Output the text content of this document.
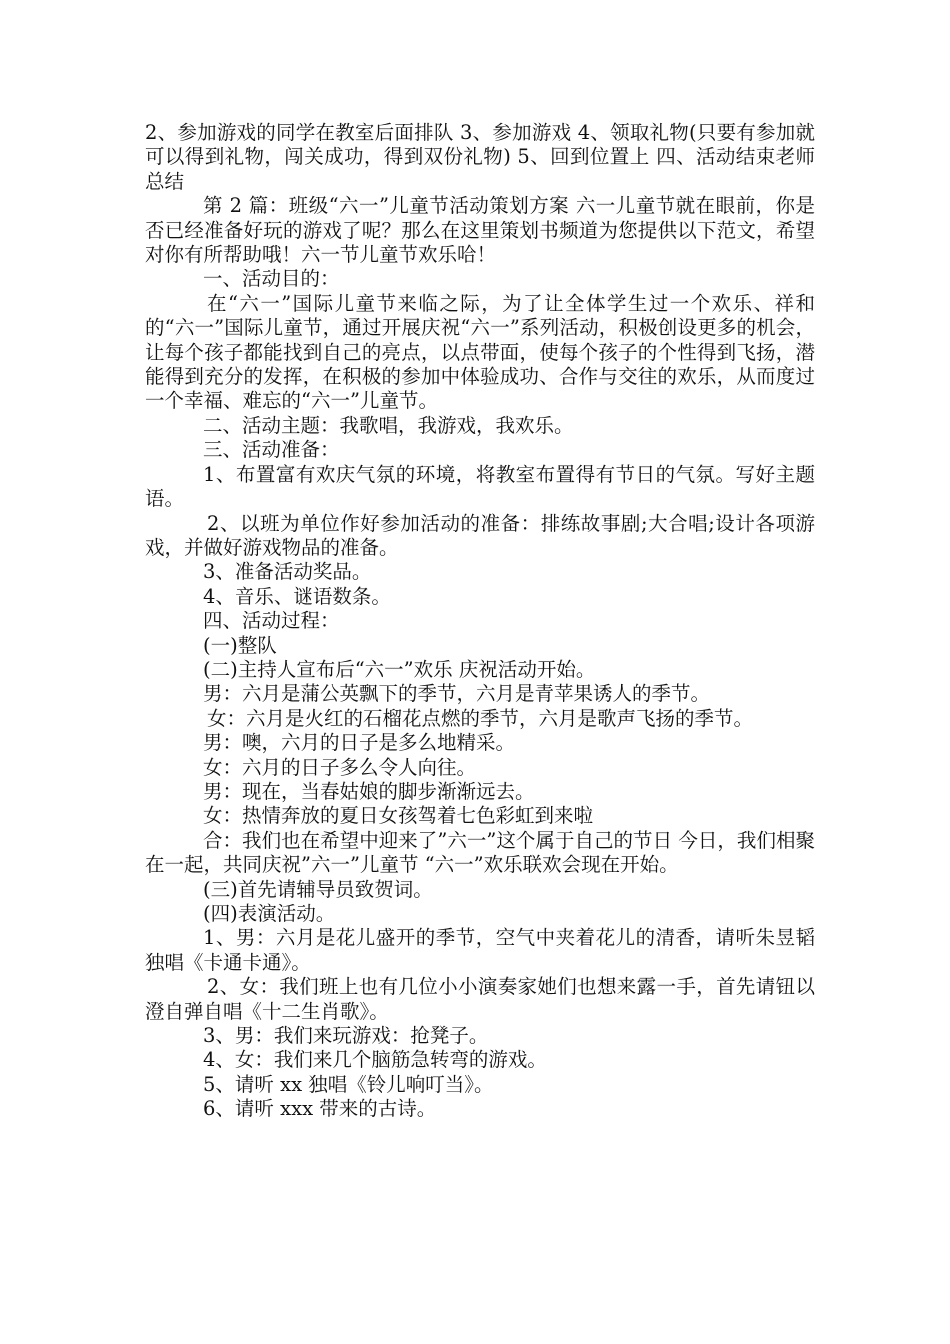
2、参加游戏的同学在教室后面排队 3、参加游戏 4、领取礼物(只要有参加就可以得到礼物，闯关成功，得到双份礼物) 5、回到位置上 四、活动结束老师总结

第 2 篇：班级“六一”儿童节活动策划方案 六一儿童节就在眼前，你是否已经准备好玩的游戏了呢？那么在这里策划书频道为您提供以下范文，希望对你有所帮助哦！六一节儿童节欢乐哈！

一、活动目的：

在“六一”国际儿童节来临之际，为了让全体学生过一个欢乐、祥和的“六一”国际儿童节，通过开展庆祝“六一”系列活动，积极创设更多的机会，让每个孩子都能找到自己的亮点，以点带面，使每个孩子的个性得到飞扬，潜能得到充分的发挥，在积极的参加中体验成功、合作与交往的欢乐，从而度过一个幸福、难忘的“六一”儿童节。

二、活动主题：我歌唱，我游戏，我欢乐。

三、活动准备：

1、布置富有欢庆气氛的环境，将教室布置得有节日的气氛。写好主题语。

2、以班为单位作好参加活动的准备：排练故事剧;大合唱;设计各项游戏，并做好游戏物品的准备。

3、准备活动奖品。

4、音乐、谜语数条。

四、活动过程：

(一)整队

(二)主持人宣布后“六一”欢乐 庆祝活动开始。

男：六月是蒲公英飘下的季节，六月是青苹果诱人的季节。

女：六月是火红的石榴花点燃的季节，六月是歌声飞扬的季节。

男：噢，六月的日子是多么地精采。

女：六月的日子多么令人向往。

男：现在，当春姑娘的脚步渐渐远去。

女：热情奔放的夏日女孩驾着七色彩虹到来啦

合：我们也在希望中迎来了”六一”这个属于自己的节日 今日，我们相聚在一起，共同庆祝”六一”儿童节 “六一”欢乐联欢会现在开始。

(三)首先请辅导员致贺词。

(四)表演活动。

1、男：六月是花儿盛开的季节，空气中夹着花儿的清香，请听朱昱韬独唱《卡通卡通》。

2、女：我们班上也有几位小小演奏家她们也想来露一手，首先请钮以澄自弹自唱《十二生肖歌》。

3、男：我们来玩游戏：抢凳子。

4、女：我们来几个脑筋急转弯的游戏。

5、请听 xx 独唱《铃儿响叮当》。

6、请听 xxx 带来的古诗。
